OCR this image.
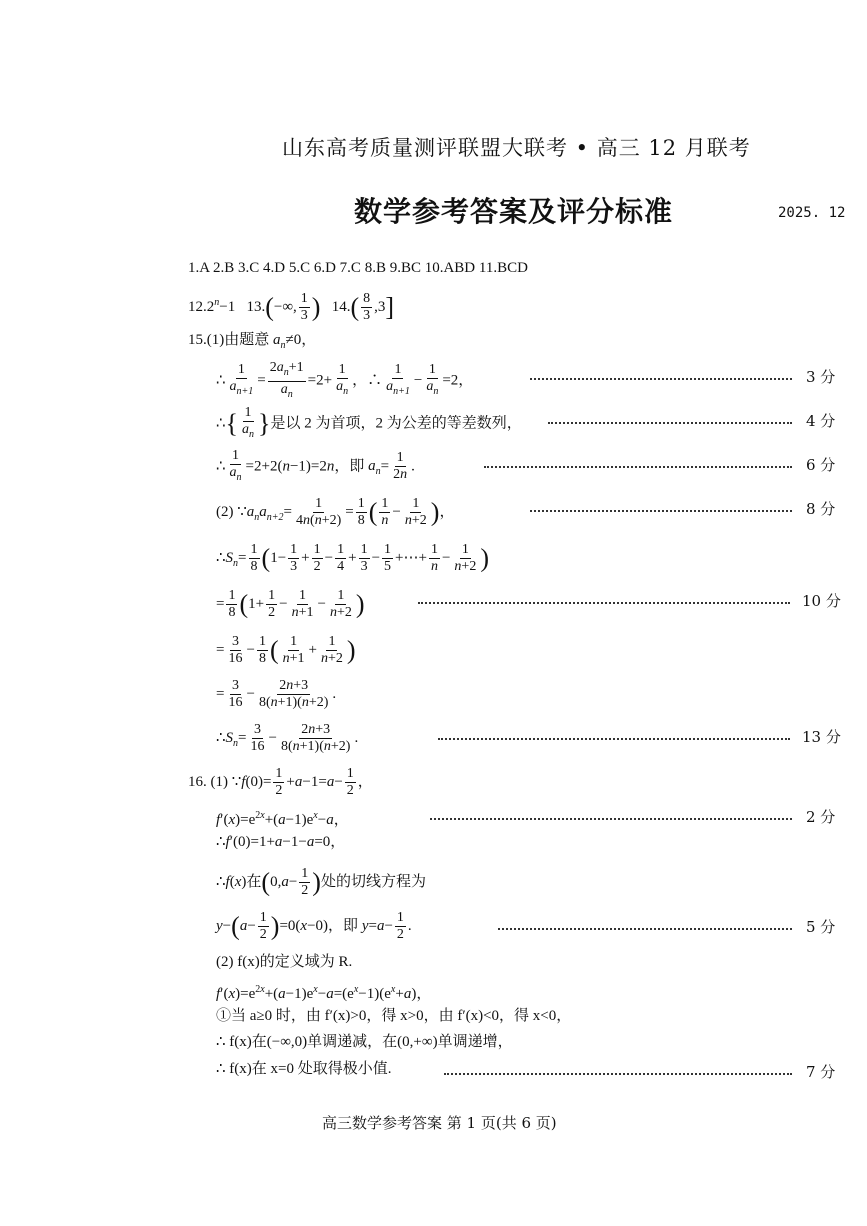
山东高考质量测评联盟大联考 • 高三 12 月联考
数学参考答案及评分标准	2025. 12
1.A 2.B 3.C 4.D 5.C 6.D 7.C 8.B 9.BC 10.ABD 11.BCD
$12.2^n-1$   13.(−∞, $\frac{1}{3}$ ) $14.( \frac{8}{3} ,3]$
15.(1)由题意 $a_n\ne 0$，
∴ $\frac{1}{a_{n+1}} = \frac{2a_n+1}{a_n} =2+ \frac{1}{a_n}$ ，∴ $\frac{1}{a_{n+1}} - \frac{1}{a_n} =2$，	3 分
∴{ $\frac{1}{a_n}$ }是以 2 为首项，2 为公差的等差数列，	4 分
∴ $\frac{1}{a_n} =2+2(n-1)=2n$，即 $a_n= \frac{1}{2n}$ .	6 分
(2) $\because a_na_{n+2}= \frac{1}{4n(n+2)} = \frac{1}{8}$ ( $\frac{1}{n} - \frac{1}{n+2}$ )，	8 分
$\therefore S_n= \frac{1}{8} (1- \frac{1}{3} + \frac{1}{2} - \frac{1}{4} + \frac{1}{3} - \frac{1}{5}$ +⋯+ $\frac{1}{n} - \frac{1}{n+2}$ )
= $\frac{1}{8} (1+ \frac{1}{2} - \frac{1}{n+1} - \frac{1}{n+2}$ )	10 分
= $\frac{3}{16} - \frac{1}{8}$ ( $\frac{1}{n+1} + \frac{1}{n+2}$ )
= $\frac{3}{16} - \frac{2n+3}{8(n+1)(n+2)}$ .
$\therefore S_n= \frac{3}{16} - \frac{2n+3}{8(n+1)(n+2)}$ .	13 分
16. (1) ∵f(0)= $\frac{1}{2} +a-1=a- \frac{1}{2}$ ，
$f'(x)=e^{2x}+(a-1)e^x-a$，	2 分
∴f′(0)=1+a−1−a=0，
∴f(x)在($0,a- \frac{1}{2}$ )处的切线方程为
$y-(a- \frac{1}{2} )=0(x-0)$，即 $y=a- \frac{1}{2}$ .	5 分
(2) f(x)的定义域为 R.
$f'(x)=e^{2x}+(a-1)e^x-a=(e^x-1)(e^x+a)$，
①当 a≥0 时，由 f′(x)>0，得 x>0，由 f′(x)<0，得 x<0，
∴ f(x)在(−∞,0)单调递减，在(0,+∞)单调递增，
∴ f(x)在 x=0 处取得极小值.	7 分
高三数学参考答案 第 1 页(共 6 页)
